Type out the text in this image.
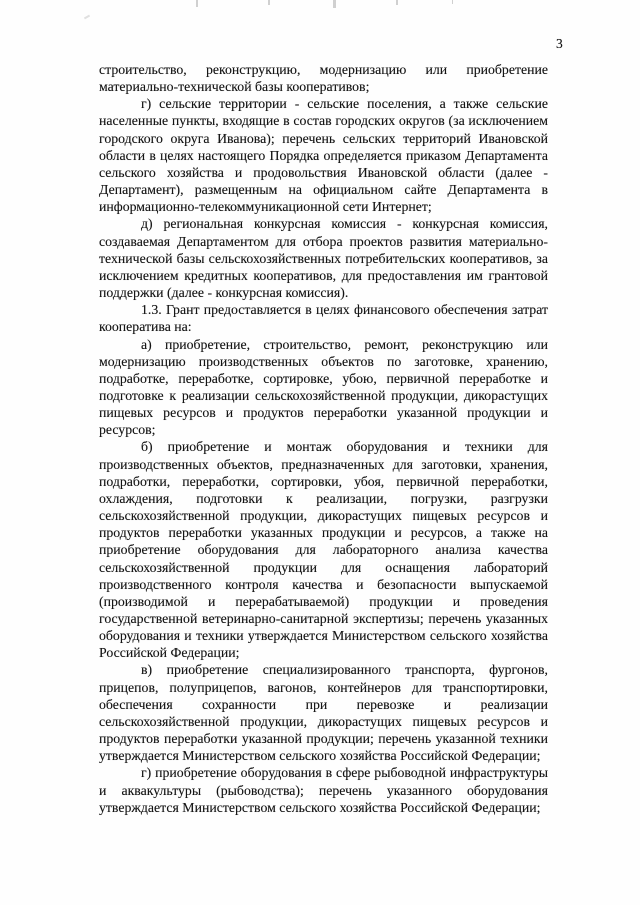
3

строительство, реконструкцию, модернизацию или приобретение материально-технической базы кооперативов;

г) сельские территории - сельские поселения, а также сельские населенные пункты, входящие в состав городских округов (за исключением городского округа Иванова); перечень сельских территорий Ивановской области в целях настоящего Порядка определяется приказом Департамента сельского хозяйства и продовольствия Ивановской области (далее - Департамент), размещенным на официальном сайте Департамента в информационно-телекоммуникационной сети Интернет;

д) региональная конкурсная комиссия - конкурсная комиссия, создаваемая Департаментом для отбора проектов развития материально-технической базы сельскохозяйственных потребительских кооперативов, за исключением кредитных кооперативов, для предоставления им грантовой поддержки (далее - конкурсная комиссия).

1.3. Грант предоставляется в целях финансового обеспечения затрат кооператива на:

а) приобретение, строительство, ремонт, реконструкцию или модернизацию производственных объектов по заготовке, хранению, подработке, переработке, сортировке, убою, первичной переработке и подготовке к реализации сельскохозяйственной продукции, дикорастущих пищевых ресурсов и продуктов переработки указанной продукции и ресурсов;

б) приобретение и монтаж оборудования и техники для производственных объектов, предназначенных для заготовки, хранения, подработки, переработки, сортировки, убоя, первичной переработки, охлаждения, подготовки к реализации, погрузки, разгрузки сельскохозяйственной продукции, дикорастущих пищевых ресурсов и продуктов переработки указанных продукции и ресурсов, а также на приобретение оборудования для лабораторного анализа качества сельскохозяйственной продукции для оснащения лабораторий производственного контроля качества и безопасности выпускаемой (производимой и перерабатываемой) продукции и проведения государственной ветеринарно-санитарной экспертизы; перечень указанных оборудования и техники утверждается Министерством сельского хозяйства Российской Федерации;

в) приобретение специализированного транспорта, фургонов, прицепов, полуприцепов, вагонов, контейнеров для транспортировки, обеспечения сохранности при перевозке и реализации сельскохозяйственной продукции, дикорастущих пищевых ресурсов и продуктов переработки указанной продукции; перечень указанной техники утверждается Министерством сельского хозяйства Российской Федерации;

г) приобретение оборудования в сфере рыбоводной инфраструктуры и аквакультуры (рыбоводства); перечень указанного оборудования утверждается Министерством сельского хозяйства Российской Федерации;
